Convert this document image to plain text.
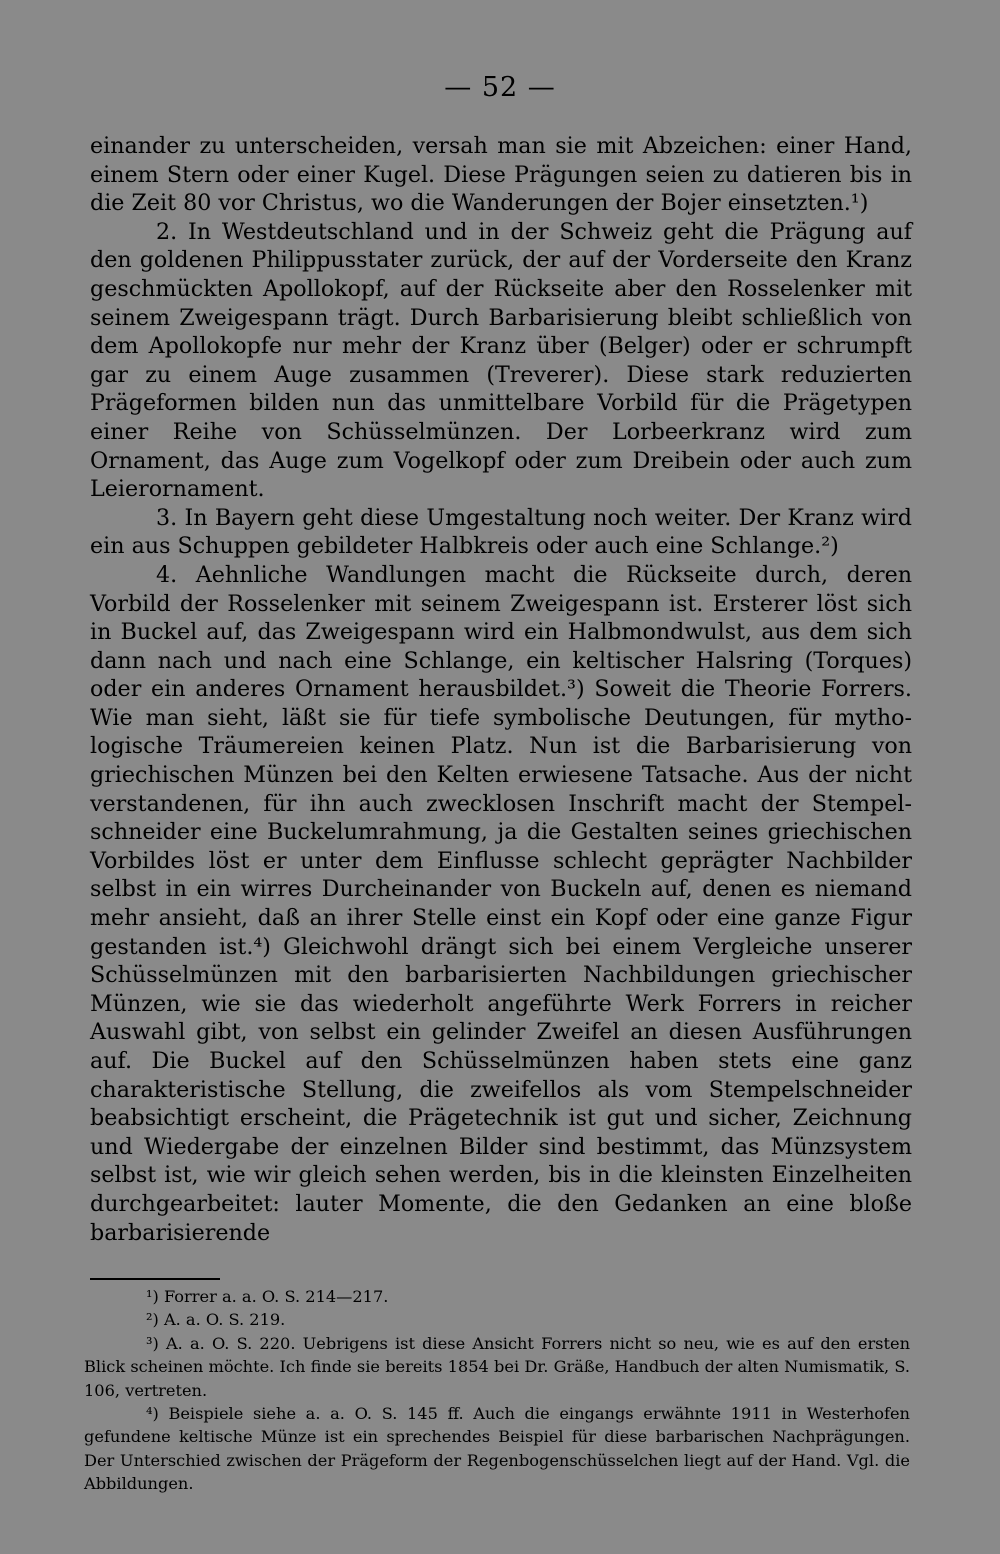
— 52 —

einander zu unterscheiden, versah man sie mit Abzeichen: einer Hand, einem Stern oder einer Kugel. Diese Prägungen seien zu datieren bis in die Zeit 80 vor Christus, wo die Wanderungen der Bojer einsetzten.¹)

2. In Westdeutschland und in der Schweiz geht die Prägung auf den goldenen Philippusstater zurück, der auf der Vorderseite den Kranz geschmückten Apollokopf, auf der Rückseite aber den Rosselenker mit seinem Zweigespann trägt. Durch Barbarisierung bleibt schließlich von dem Apollokopfe nur mehr der Kranz über (Belger) oder er schrumpft gar zu einem Auge zusammen (Treverer). Diese stark reduzierten Prägeformen bilden nun das unmittelbare Vorbild für die Prägetypen einer Reihe von Schüsselmünzen. Der Lorbeerkranz wird zum Ornament, das Auge zum Vogelkopf oder zum Dreibein oder auch zum Leierornament.

3. In Bayern geht diese Umgestaltung noch weiter. Der Kranz wird ein aus Schuppen gebildeter Halbkreis oder auch eine Schlange.²)

4. Aehnliche Wandlungen macht die Rückseite durch, deren Vorbild der Rosselenker mit seinem Zweigespann ist. Ersterer löst sich in Buckel auf, das Zweigespann wird ein Halbmondwulst, aus dem sich dann nach und nach eine Schlange, ein keltischer Halsring (Torques) oder ein anderes Ornament herausbildet.³) Soweit die Theorie Forrers. Wie man sieht, läßt sie für tiefe symbolische Deutungen, für mythologische Träumereien keinen Platz. Nun ist die Barbarisierung von griechischen Münzen bei den Kelten erwiesene Tatsache. Aus der nicht verstandenen, für ihn auch zwecklosen Inschrift macht der Stempelschneider eine Buckelumrahmung, ja die Gestalten seines griechischen Vorbildes löst er unter dem Einflusse schlecht geprägter Nachbilder selbst in ein wirres Durcheinander von Buckeln auf, denen es niemand mehr ansieht, daß an ihrer Stelle einst ein Kopf oder eine ganze Figur gestanden ist.⁴) Gleichwohl drängt sich bei einem Vergleiche unserer Schüsselmünzen mit den barbarisierten Nachbildungen griechischer Münzen, wie sie das wiederholt angeführte Werk Forrers in reicher Auswahl gibt, von selbst ein gelinder Zweifel an diesen Ausführungen auf. Die Buckel auf den Schüsselmünzen haben stets eine ganz charakteristische Stellung, die zweifellos als vom Stempelschneider beabsichtigt erscheint, die Prägetechnik ist gut und sicher, Zeichnung und Wiedergabe der einzelnen Bilder sind bestimmt, das Münzsystem selbst ist, wie wir gleich sehen werden, bis in die kleinsten Einzelheiten durchgearbeitet: lauter Momente, die den Gedanken an eine bloße barbarisierende

¹) Forrer a. a. O. S. 214—217.

²) A. a. O. S. 219.

³) A. a. O. S. 220. Uebrigens ist diese Ansicht Forrers nicht so neu, wie es auf den ersten Blick scheinen möchte. Ich finde sie bereits 1854 bei Dr. Gräße, Handbuch der alten Numismatik, S. 106, vertreten.

⁴) Beispiele siehe a. a. O. S. 145 ff. Auch die eingangs erwähnte 1911 in Westerhofen gefundene keltische Münze ist ein sprechendes Beispiel für diese barbarischen Nachprägungen. Der Unterschied zwischen der Prägeform der Regenbogenschüsselchen liegt auf der Hand. Vgl. die Abbildungen.
